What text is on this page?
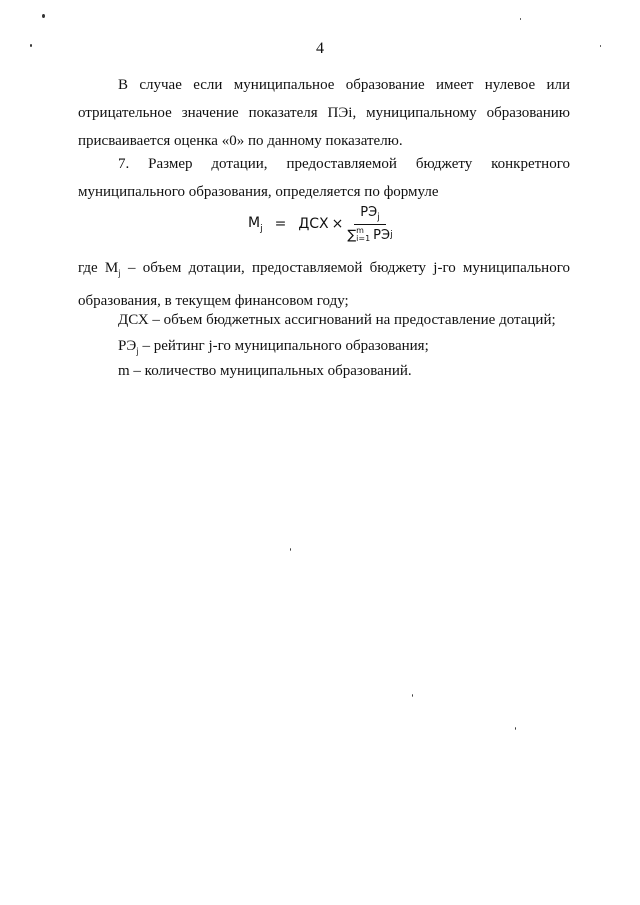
4

В случае если муниципальное образование имеет нулевое или отрицательное значение показателя ПЭi, муниципальному образованию присваивается оценка «0» по данному показателю.

7. Размер дотации, предоставляемой бюджету конкретного муниципального образования, определяется по формуле

$M_j$ = ДСХ ×
$РЭ_j$
∑ m
i=1 РЭ j

где $M_j$ – объем дотации, предоставляемой бюджету j-го муниципального образования, в текущем финансовом году;

ДСХ – объем бюджетных ассигнований на предоставление дотаций;

$РЭ_j$ – рейтинг j-го муниципального образования;

m – количество муниципальных образований.
